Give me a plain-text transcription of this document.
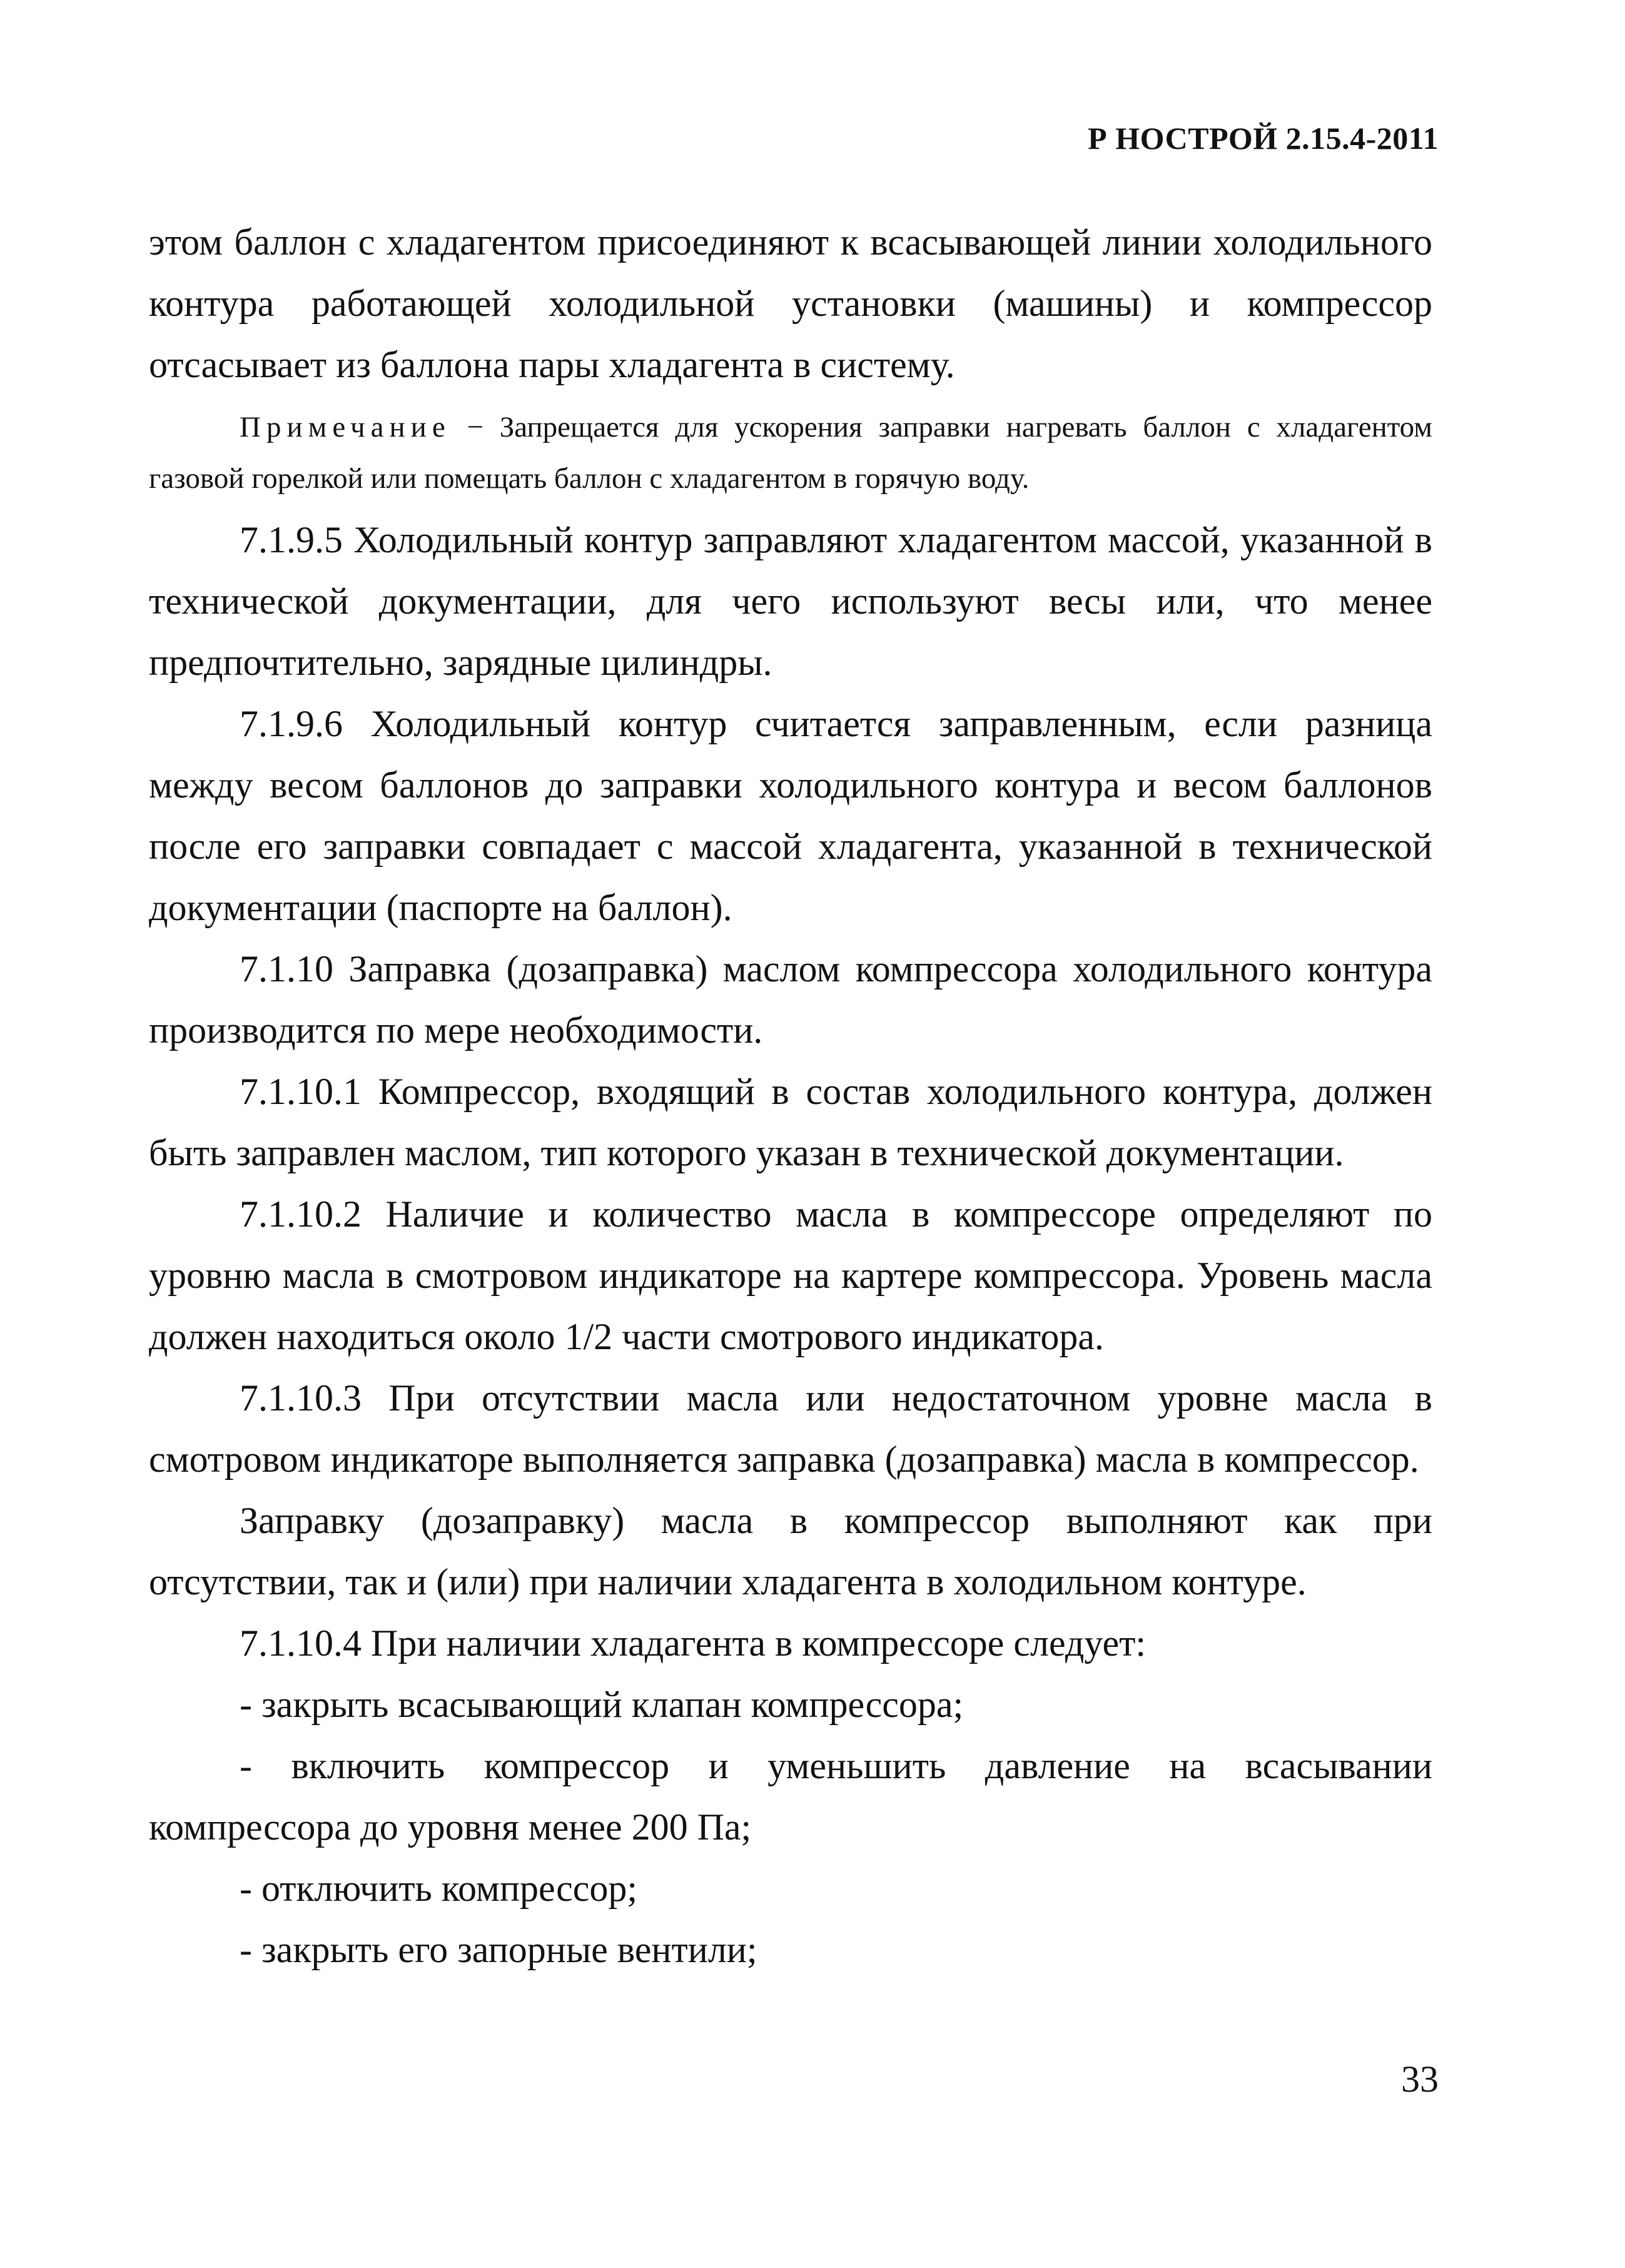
Р НОСТРОЙ 2.15.4-2011

этом баллон с хладагентом присоединяют к всасывающей линии холодильного контура работающей холодильной установки (машины) и компрессор отсасывает из баллона пары хладагента в систему.

Примечание − Запрещается для ускорения заправки нагревать баллон с хладагентом газовой горелкой или помещать баллон с хладагентом в горячую воду.

7.1.9.5 Холодильный контур заправляют хладагентом массой, указанной в технической документации, для чего используют весы или, что менее предпочтительно, зарядные цилиндры.

7.1.9.6 Холодильный контур считается заправленным, если разница между весом баллонов до заправки холодильного контура и весом баллонов после его заправки совпадает с массой хладагента, указанной в технической документации (паспорте на баллон).

7.1.10 Заправка (дозаправка) маслом компрессора холодильного контура производится по мере необходимости.

7.1.10.1 Компрессор, входящий в состав холодильного контура, должен быть заправлен маслом, тип которого указан в технической документации.

7.1.10.2 Наличие и количество масла в компрессоре определяют по уровню масла в смотровом индикаторе на картере компрессора. Уровень масла должен находиться около 1/2 части смотрового индикатора.

7.1.10.3 При отсутствии масла или недостаточном уровне масла в смотровом индикаторе выполняется заправка (дозаправка) масла в компрессор.

Заправку (дозаправку) масла в компрессор выполняют как при отсутствии, так и (или) при наличии хладагента в холодильном контуре.

7.1.10.4 При наличии хладагента в компрессоре следует:

- закрыть всасывающий клапан компрессора;

- включить компрессор и уменьшить давление на всасывании компрессора до уровня менее 200 Па;

- отключить компрессор;

- закрыть его запорные вентили;

33
